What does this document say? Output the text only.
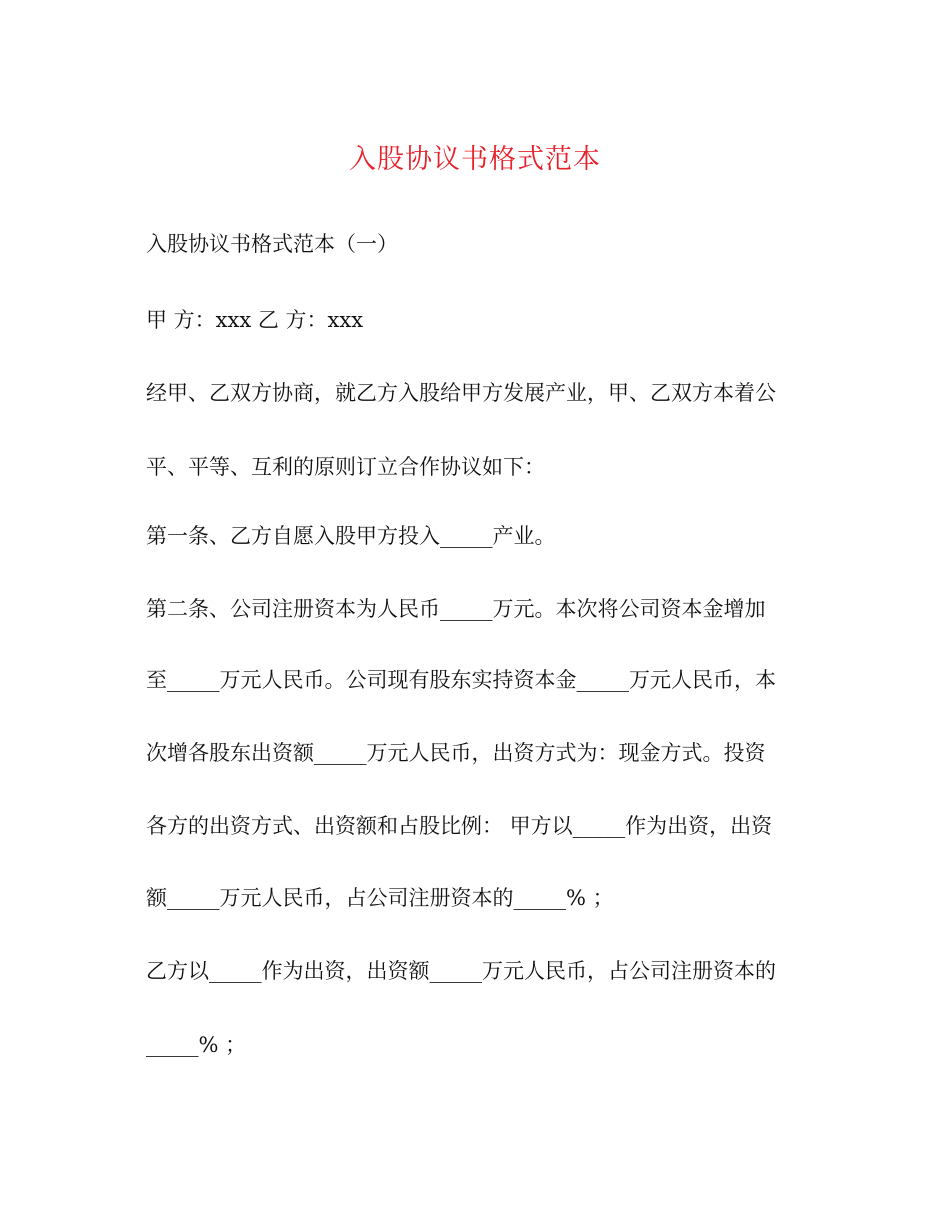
入股协议书格式范本
入股协议书格式范本（一）
甲 方：xxx 乙 方：xxx
经甲、乙双方协商，就乙方入股给甲方发展产业，甲、乙双方本着公
平、平等、互利的原则订立合作协议如下：
第一条、乙方自愿入股甲方投入_____产业。
第二条、公司注册资本为人民币_____万元。本次将公司资本金增加
至_____万元人民币。公司现有股东实持资本金_____万元人民币，本
次增各股东出资额_____万元人民币，出资方式为：现金方式。投资
各方的出资方式、出资额和占股比例： 甲方以_____作为出资，出资
额_____万元人民币，占公司注册资本的_____% ；
乙方以_____作为出资，出资额_____万元人民币，占公司注册资本的
_____% ；
